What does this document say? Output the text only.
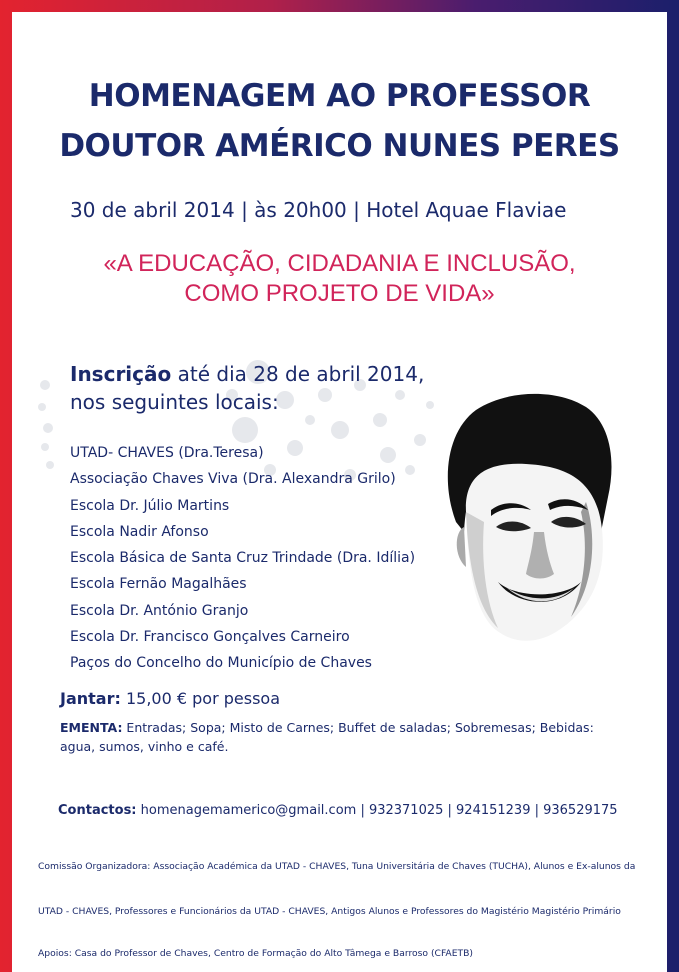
HOMENAGEM AO PROFESSOR
DOUTOR AMÉRICO NUNES PERES
30 de abril 2014 | às 20h00 | Hotel Aquae Flaviae
«A EDUCAÇÃO, CIDADANIA E INCLUSÃO,
COMO PROJETO DE VIDA»
Inscrição até dia 28 de abril 2014,
nos seguintes locais:
UTAD- CHAVES (Dra.Teresa)
Associação Chaves Viva (Dra. Alexandra Grilo)
Escola Dr. Júlio Martins
Escola Nadir Afonso
Escola Básica de Santa Cruz Trindade (Dra. Idília)
Escola Fernão Magalhães
Escola Dr. António Granjo
Escola Dr. Francisco Gonçalves Carneiro
Paços do Concelho do Município de Chaves
Jantar: 15,00 € por pessoa
EMENTA: Entradas; Sopa; Misto de Carnes; Buffet de saladas; Sobremesas; Bebidas: agua, sumos, vinho e café.
Contactos: homenagemamerico@gmail.com | 932371025 | 924151239 | 936529175
Comissão Organizadora: Associação Académica da UTAD - CHAVES, Tuna Universitária de Chaves (TUCHA), Alunos e Ex-alunos da
UTAD - CHAVES, Professores e Funcionários da UTAD - CHAVES, Antigos Alunos e Professores do Magistério Magistério Primário
Apoios: Casa do Professor de Chaves, Centro de Formação do Alto Tâmega e Barroso (CFAETB)
